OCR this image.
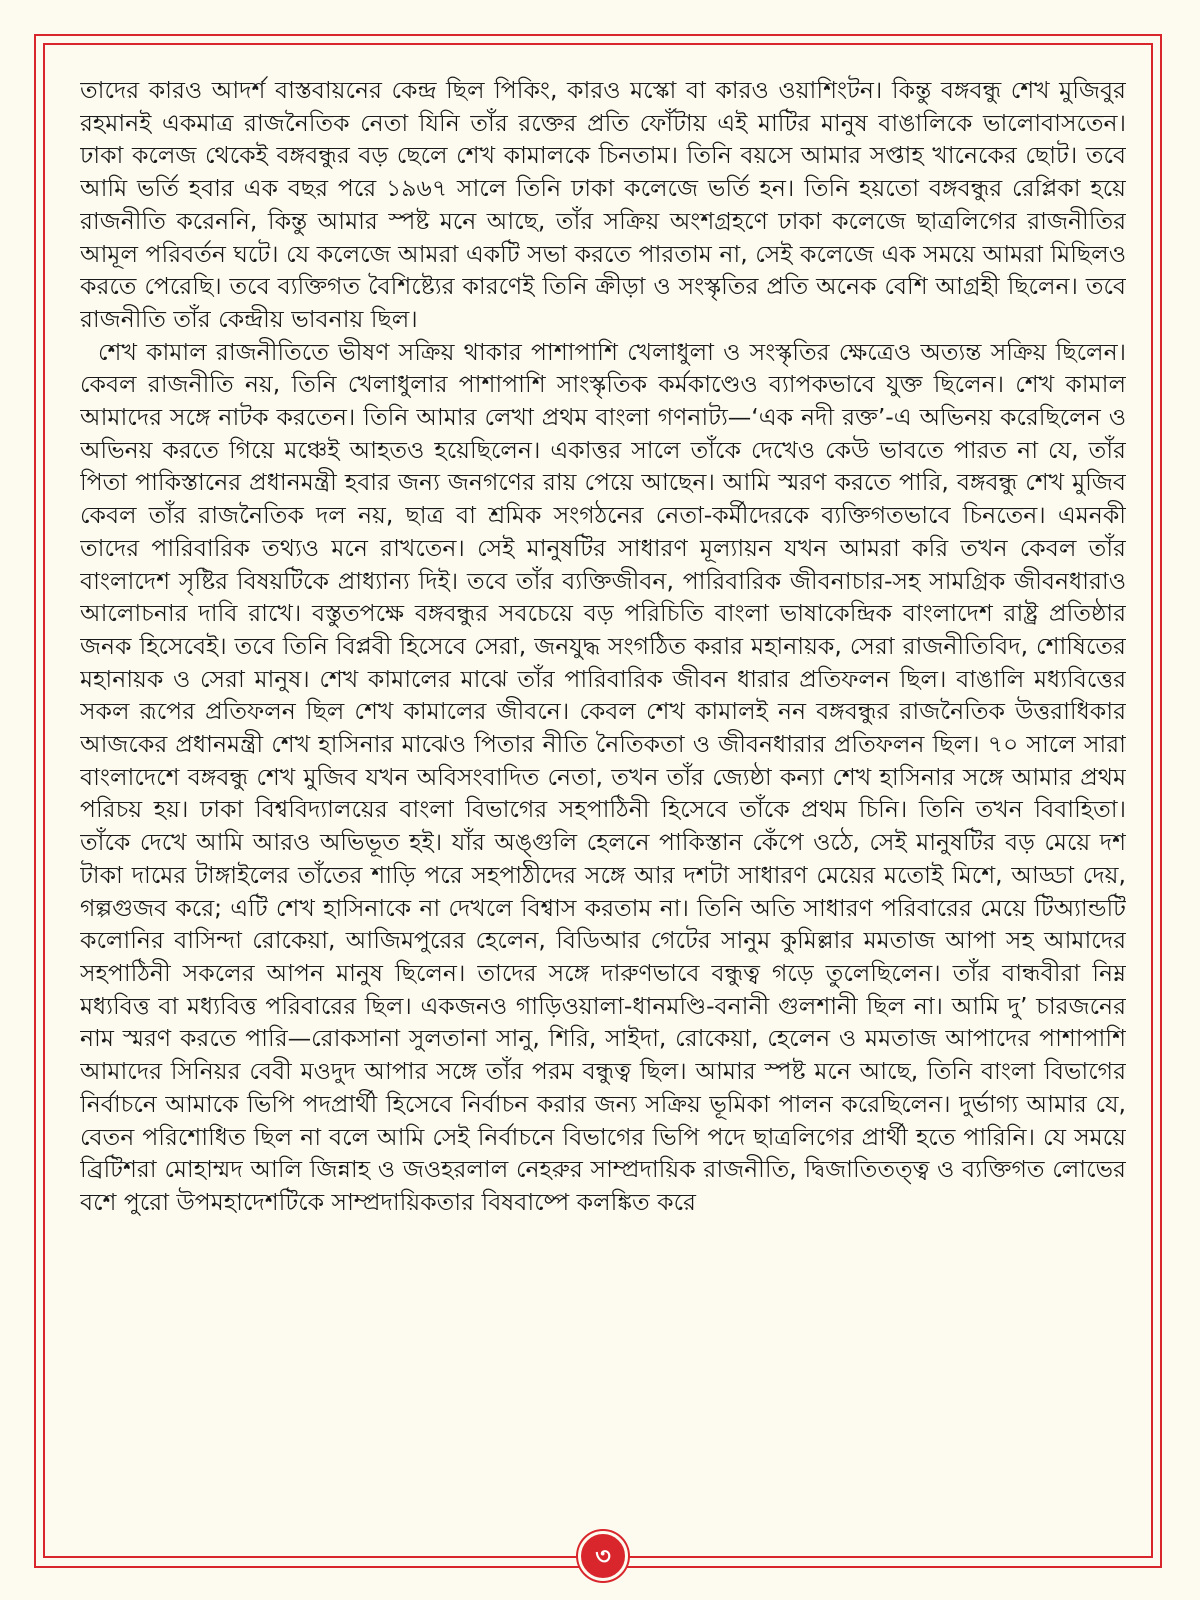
তাদের কারও আদর্শ বাস্তবায়নের কেন্দ্র ছিল পিকিং, কারও মস্কো বা কারও ওয়াশিংটন। কিন্তু বঙ্গবন্ধু শেখ মুজিবুর রহমানই একমাত্র রাজনৈতিক নেতা যিনি তাঁর রক্তের প্রতি ফোঁটায় এই মাটির মানুষ বাঙালিকে ভালোবাসতেন। ঢাকা কলেজ থেকেই বঙ্গবন্ধুর বড় ছেলে শেখ কামালকে চিনতাম। তিনি বয়সে আমার সপ্তাহ খানেকের ছোট। তবে আমি ভর্তি হবার এক বছর পরে ১৯৬৭ সালে তিনি ঢাকা কলেজে ভর্তি হন। তিনি হয়তো বঙ্গবন্ধুর রেপ্লিকা হয়ে রাজনীতি করেননি, কিন্তু আমার স্পষ্ট মনে আছে, তাঁর সক্রিয় অংশগ্রহণে ঢাকা কলেজে ছাত্রলিগের রাজনীতির আমূল পরিবর্তন ঘটে। যে কলেজে আমরা একটি সভা করতে পারতাম না, সেই কলেজে এক সময়ে আমরা মিছিলও করতে পেরেছি। তবে ব্যক্তিগত বৈশিষ্ট্যের কারণেই তিনি ক্রীড়া ও সংস্কৃতির প্রতি অনেক বেশি আগ্রহী ছিলেন। তবে রাজনীতি তাঁর কেন্দ্রীয় ভাবনায় ছিল।

শেখ কামাল রাজনীতিতে ভীষণ সক্রিয় থাকার পাশাপাশি খেলাধুলা ও সংস্কৃতির ক্ষেত্রেও অত্যন্ত সক্রিয় ছিলেন। কেবল রাজনীতি নয়, তিনি খেলাধুলার পাশাপাশি সাংস্কৃতিক কর্মকাণ্ডেও ব্যাপকভাবে যুক্ত ছিলেন। শেখ কামাল আমাদের সঙ্গে নাটক করতেন। তিনি আমার লেখা প্রথম বাংলা গণনাট্য—‘এক নদী রক্ত’-এ অভিনয় করেছিলেন ও অভিনয় করতে গিয়ে মঞ্চেই আহতও হয়েছিলেন। একাত্তর সালে তাঁকে দেখেও কেউ ভাবতে পারত না যে, তাঁর পিতা পাকিস্তানের প্রধানমন্ত্রী হবার জন্য জনগণের রায় পেয়ে আছেন। আমি স্মরণ করতে পারি, বঙ্গবন্ধু শেখ মুজিব কেবল তাঁর রাজনৈতিক দল নয়, ছাত্র বা শ্রমিক সংগঠনের নেতা-কর্মীদেরকে ব্যক্তিগতভাবে চিনতেন। এমনকী তাদের পারিবারিক তথ্যও মনে রাখতেন। সেই মানুষটির সাধারণ মূল্যায়ন যখন আমরা করি তখন কেবল তাঁর বাংলাদেশ সৃষ্টির বিষয়টিকে প্রাধ্যান্য দিই। তবে তাঁর ব্যক্তিজীবন, পারিবারিক জীবনাচার-সহ সামগ্রিক জীবনধারাও আলোচনার দাবি রাখে। বস্তুতপক্ষে বঙ্গবন্ধুর সবচেয়ে বড় পরিচিতি বাংলা ভাষাকেন্দ্রিক বাংলাদেশ রাষ্ট্র প্রতিষ্ঠার জনক হিসেবেই। তবে তিনি বিপ্লবী হিসেবে সেরা, জনযুদ্ধ সংগঠিত করার মহানায়ক, সেরা রাজনীতিবিদ, শোষিতের মহানায়ক ও সেরা মানুষ। শেখ কামালের মাঝে তাঁর পারিবারিক জীবন ধারার প্রতিফলন ছিল। বাঙালি মধ্যবিত্তের সকল রূপের প্রতিফলন ছিল শেখ কামালের জীবনে। কেবল শেখ কামালই নন বঙ্গবন্ধুর রাজনৈতিক উত্তরাধিকার আজকের প্রধানমন্ত্রী শেখ হাসিনার মাঝেও পিতার নীতি নৈতিকতা ও জীবনধারার প্রতিফলন ছিল। ৭০ সালে সারা বাংলাদেশে বঙ্গবন্ধু শেখ মুজিব যখন অবিসংবাদিত নেতা, তখন তাঁর জ্যেষ্ঠা কন্যা শেখ হাসিনার সঙ্গে আমার প্রথম পরিচয় হয়। ঢাকা বিশ্ববিদ্যালয়ের বাংলা বিভাগের সহপাঠিনী হিসেবে তাঁকে প্রথম চিনি। তিনি তখন বিবাহিতা। তাঁকে দেখে আমি আরও অভিভূত হই। যাঁর অঙ্গুলি হেলনে পাকিস্তান কেঁপে ওঠে, সেই মানুষটির বড় মেয়ে দশ টাকা দামের টাঙ্গাইলের তাঁতের শাড়ি পরে সহপাঠীদের সঙ্গে আর দশটা সাধারণ মেয়ের মতোই মিশে, আড্ডা দেয়, গল্পগুজব করে; এটি শেখ হাসিনাকে না দেখলে বিশ্বাস করতাম না। তিনি অতি সাধারণ পরিবারের মেয়ে টিঅ্যান্ডটি কলোনির বাসিন্দা রোকেয়া, আজিমপুরের হেলেন, বিডিআর গেটের সানুম কুমিল্লার মমতাজ আপা সহ আমাদের সহপাঠিনী সকলের আপন মানুষ ছিলেন। তাদের সঙ্গে দারুণভাবে বন্ধুত্ব গড়ে তুলেছিলেন। তাঁর বান্ধবীরা নিম্ন মধ্যবিত্ত বা মধ্যবিত্ত পরিবারের ছিল। একজনও গাড়িওয়ালা-ধানমণ্ডি-বনানী গুলশানী ছিল না। আমি দু’ চারজনের নাম স্মরণ করতে পারি—রোকসানা সুলতানা সানু, শিরি, সাইদা, রোকেয়া, হেলেন ও মমতাজ আপাদের পাশাপাশি আমাদের সিনিয়র বেবী মওদুদ আপার সঙ্গে তাঁর পরম বন্ধুত্ব ছিল। আমার স্পষ্ট মনে আছে, তিনি বাংলা বিভাগের নির্বাচনে আমাকে ভিপি পদপ্রার্থী হিসেবে নির্বাচন করার জন্য সক্রিয় ভূমিকা পালন করেছিলেন। দুর্ভাগ্য আমার যে, বেতন পরিশোধিত ছিল না বলে আমি সেই নির্বাচনে বিভাগের ভিপি পদে ছাত্রলিগের প্রার্থী হতে পারিনি। যে সময়ে ব্রিটিশরা মোহাম্মদ আলি জিন্নাহ ও জওহরলাল নেহরুর সাম্প্রদায়িক রাজনীতি, দ্বিজাতিতত্ত্ব ও ব্যক্তিগত লোভের বশে পুরো উপমহাদেশটিকে সাম্প্রদায়িকতার বিষবাষ্পে কলঙ্কিত করে

৩
